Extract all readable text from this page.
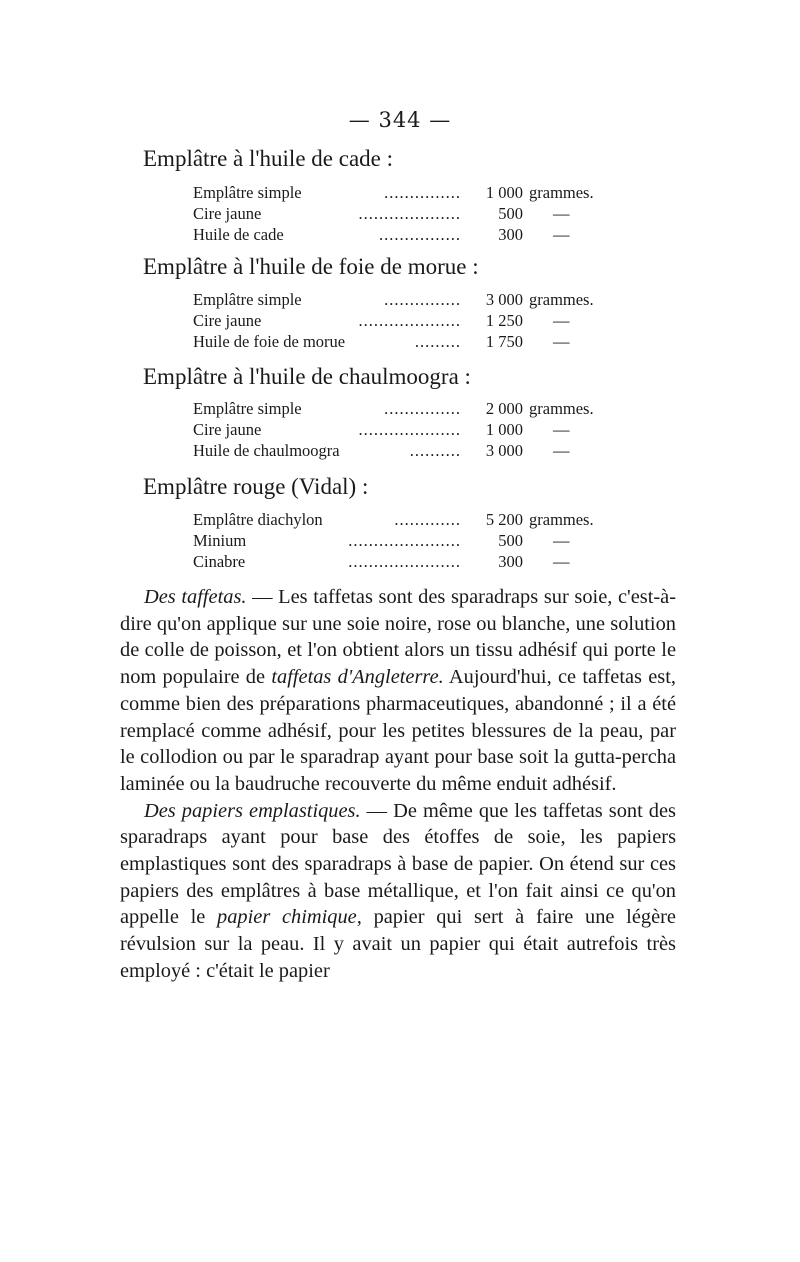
— 344 —
Emplâtre à l'huile de cade :
Emplâtre simple	...............	1 000 grammes.
Cire jaune	....................	500 —
Huile de cade	................	300 —
Emplâtre à l'huile de foie de morue :
Emplâtre simple	...............	3 000 grammes.
Cire jaune	....................	1 250 —
Huile de foie de morue	.........	1 750 —
Emplâtre à l'huile de chaulmoogra :
Emplâtre simple	...............	2 000 grammes.
Cire jaune	....................	1 000 —
Huile de chaulmoogra	..........	3 000 —
Emplâtre rouge (Vidal) :
Emplâtre diachylon	.............	5 200 grammes.
Minium	......................	500 —
Cinabre	......................	300 —

Des taffetas. — Les taffetas sont des sparadraps sur soie, c'est-à-dire qu'on applique sur une soie noire, rose ou blanche, une solution de colle de poisson, et l'on obtient alors un tissu adhésif qui porte le nom populaire de taffetas d'Angleterre. Aujourd'hui, ce taffetas est, comme bien des préparations pharmaceutiques, abandonné ; il a été remplacé comme adhésif, pour les petites blessures de la peau, par le collodion ou par le sparadrap ayant pour base soit la gutta-percha laminée ou la baudruche recouverte du même enduit adhésif.

Des papiers emplastiques. — De même que les taffetas sont des sparadraps ayant pour base des étoffes de soie, les papiers emplastiques sont des sparadraps à base de papier. On étend sur ces papiers des emplâtres à base métallique, et l'on fait ainsi ce qu'on appelle le papier chimique, papier qui sert à faire une légère révulsion sur la peau. Il y avait un papier qui était autrefois très employé : c'était le papier
